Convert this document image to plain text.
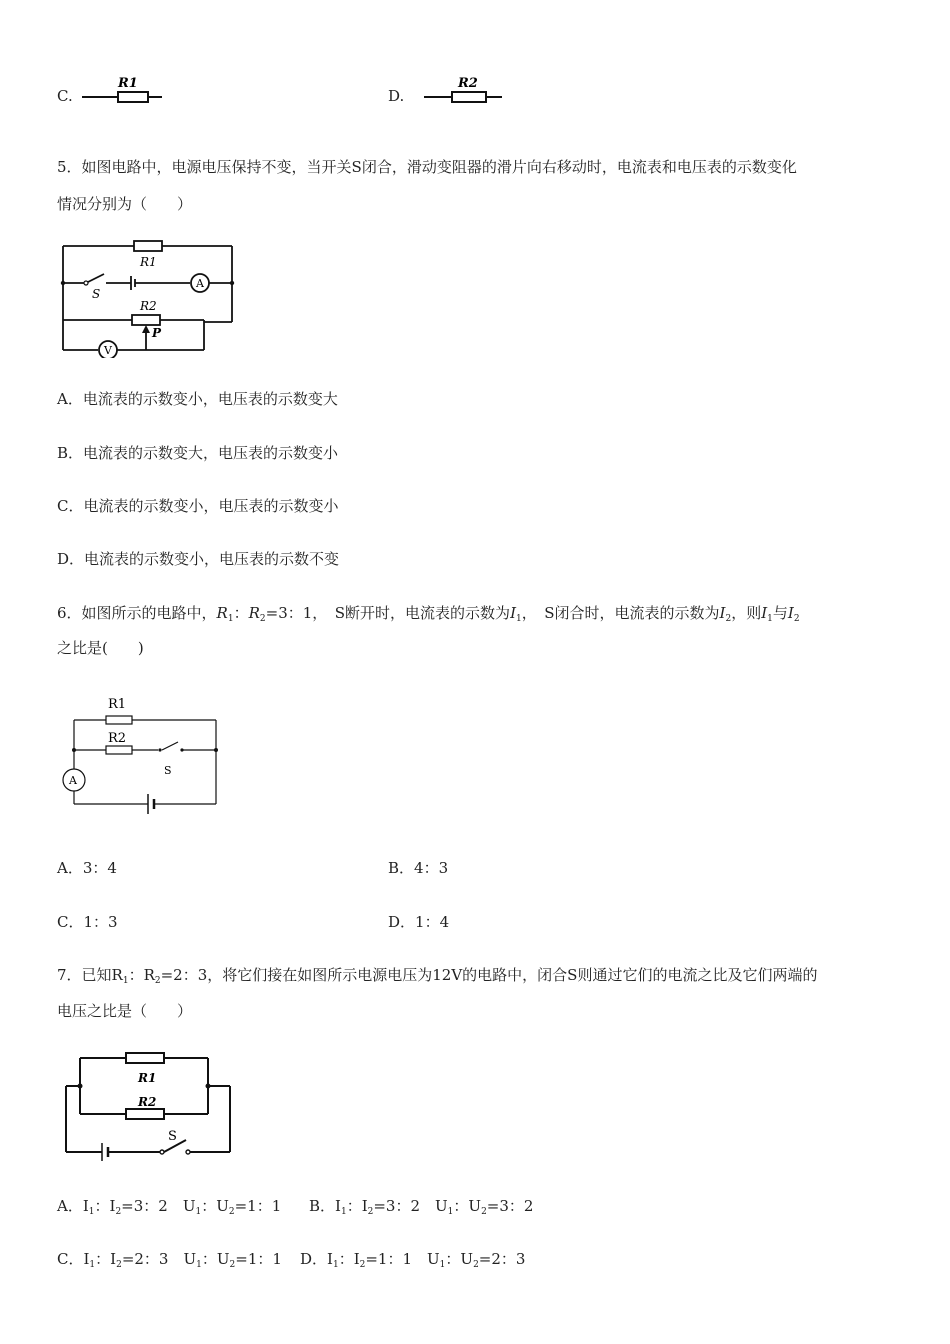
C.
R1
D.
R2
5．如图电路中，电源电压保持不变，当开关S闭合，滑动变阻器的滑片向右移动时，电流表和电压表的示数变化
情况分别为（　　）
R1
R2
S
A
V
P
A．电流表的示数变小，电压表的示数变大
B．电流表的示数变大，电压表的示数变小
C．电流表的示数变小，电压表的示数变小
D．电流表的示数变小，电压表的示数不变
6．如图所示的电路中，$R_1$：$R_2=3$：1，　S断开时，电流表的示数为$I_1$，　S闭合时，电流表的示数为$I_2$，则$I_1$与$I_2$
之比是(　　)
R1
R2
S
A
A．3：4	B．4：3
C．1：3	D．1：4
7．已知$R_1$：$R_2=2$：3，将它们接在如图所示电源电压为12V的电路中，闭合S则通过它们的电流之比及它们两端的
电压之比是（　　）
R1
R2
S
A．$I_1$：$I_2=3$：2　$U_1$：$U_2=1$：1 B．$I_1$：$I_2=3$：2　$U_1$：$U_2=3$：2
C．$I_1$：$I_2=2$：3　$U_1$：$U_2=1$：1 D．$I_1$：$I_2=1$：1　$U_1$：$U_2=2$：3
